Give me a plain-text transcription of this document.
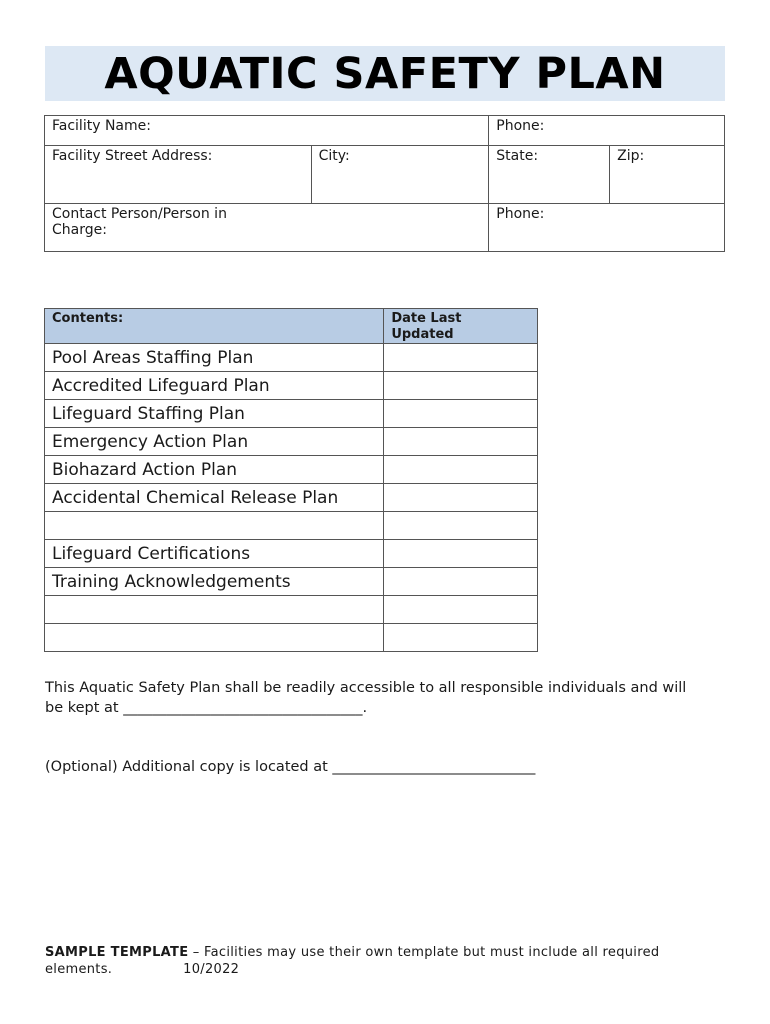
AQUATIC SAFETY PLAN
Facility Name:		Phone:	
Facility Street Address:	City:	State:	Zip:

Contact Person/Person in
Charge:		Phone:	
Contents:	Date Last
Updated

Pool Areas Staffing Plan	
Accredited Lifeguard Plan	
Lifeguard Staffing Plan	
Emergency Action Plan	
Biohazard Action Plan	
Accidental Chemical Release Plan	

Lifeguard Certifications	
Training Acknowledgements	

This Aquatic Safety Plan shall be readily accessible to all responsible individuals and will
be kept at _________________________________.
(Optional) Additional copy is located at ____________________________
SAMPLE TEMPLATE – Facilities may use their own template but must include all required
elements.                10/2022
